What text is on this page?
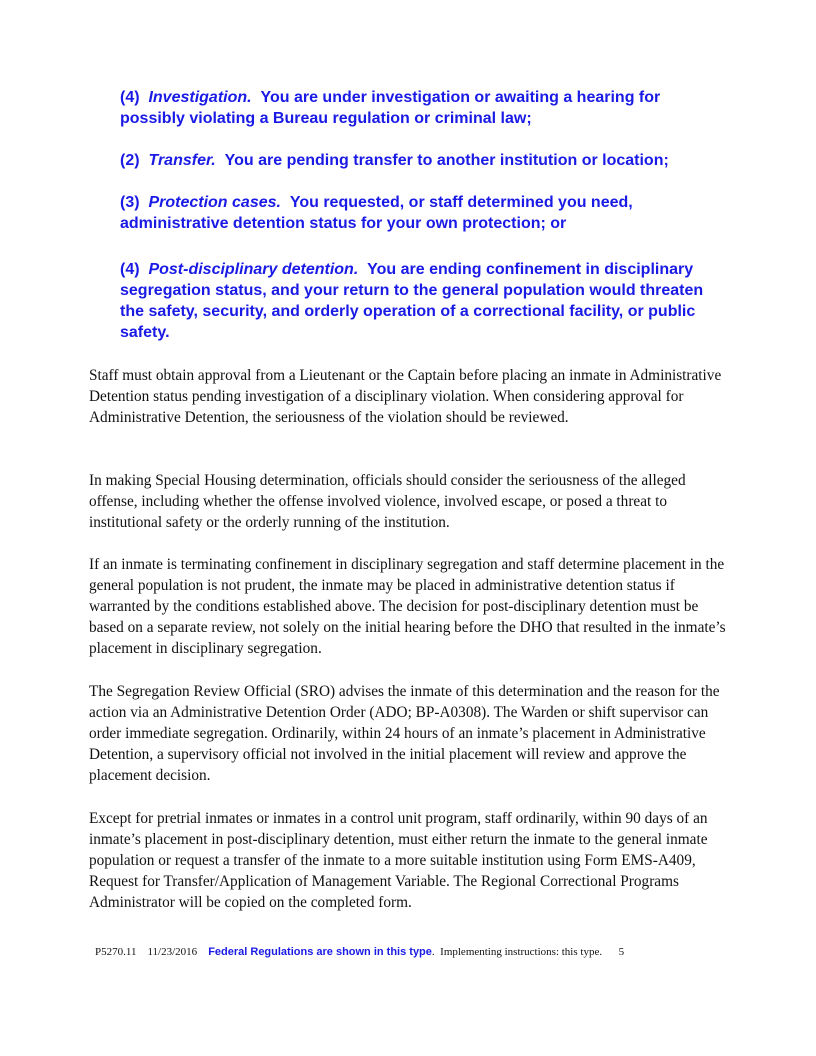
(4) Investigation. You are under investigation or awaiting a hearing for possibly violating a Bureau regulation or criminal law;

(2) Transfer. You are pending transfer to another institution or location;

(3) Protection cases. You requested, or staff determined you need, administrative detention status for your own protection; or

(4) Post-disciplinary detention. You are ending confinement in disciplinary segregation status, and your return to the general population would threaten the safety, security, and orderly operation of a correctional facility, or public safety.

Staff must obtain approval from a Lieutenant or the Captain before placing an inmate in Administrative Detention status pending investigation of a disciplinary violation. When considering approval for Administrative Detention, the seriousness of the violation should be reviewed.

In making Special Housing determination, officials should consider the seriousness of the alleged offense, including whether the offense involved violence, involved escape, or posed a threat to institutional safety or the orderly running of the institution.

If an inmate is terminating confinement in disciplinary segregation and staff determine placement in the general population is not prudent, the inmate may be placed in administrative detention status if warranted by the conditions established above. The decision for post-disciplinary detention must be based on a separate review, not solely on the initial hearing before the DHO that resulted in the inmate’s placement in disciplinary segregation.

The Segregation Review Official (SRO) advises the inmate of this determination and the reason for the action via an Administrative Detention Order (ADO; BP-A0308). The Warden or shift supervisor can order immediate segregation. Ordinarily, within 24 hours of an inmate’s placement in Administrative Detention, a supervisory official not involved in the initial placement will review and approve the placement decision.

Except for pretrial inmates or inmates in a control unit program, staff ordinarily, within 90 days of an inmate’s placement in post-disciplinary detention, must either return the inmate to the general inmate population or request a transfer of the inmate to a more suitable institution using Form EMS-A409, Request for Transfer/Application of Management Variable. The Regional Correctional Programs Administrator will be copied on the completed form.

P5270.11 11/23/2016 Federal Regulations are shown in this type. Implementing instructions: this type. 5
